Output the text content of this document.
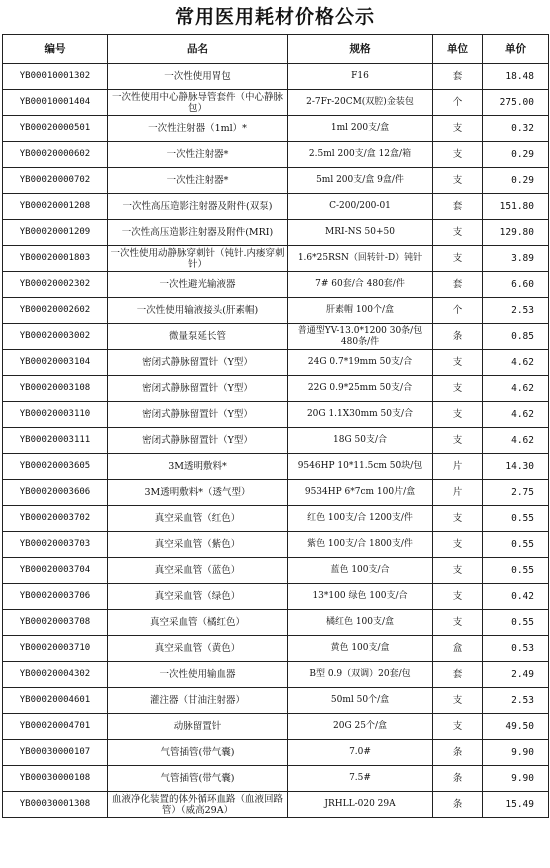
常用医用耗材价格公示
编号	品名	规格	单位	单价
YB00010001302	一次性使用胃包	F16	套	18.48
YB00010001404	一次性使用中心静脉导管套件（中心静脉包）	2-7Fr-20CM(双腔)金装包	个	275.00
YB00020000501	一次性注射器（1ml）*	1ml 200支/盒	支	0.32
YB00020000602	一次性注射器*	2.5ml 200支/盒 12盒/箱	支	0.29
YB00020000702	一次性注射器*	5ml 200支/盒 9盒/件	支	0.29
YB00020001208	一次性高压造影注射器及附件(双泵)	C-200/200-01	套	151.80
YB00020001209	一次性高压造影注射器及附件(MRI)	MRI-NS 50+50	支	129.80
YB00020001803	一次性使用动静脉穿刺针（钝针.内瘘穿刺针）	1.6*25RSN（回转针-D）钝针	支	3.89
YB00020002302	一次性避光输液器	7# 60套/合 480套/件	套	6.60
YB00020002602	一次性使用输液接头(肝素帽)	肝素帽 100个/盒	个	2.53
YB00020003002	微量泵延长管	普通型YV-13.0*1200 30条/包 480条/件	条	0.85
YB00020003104	密闭式静脉留置针（Y型）	24G 0.7*19mm 50支/合	支	4.62
YB00020003108	密闭式静脉留置针（Y型）	22G 0.9*25mm 50支/合	支	4.62
YB00020003110	密闭式静脉留置针（Y型）	20G 1.1X30mm 50支/合	支	4.62
YB00020003111	密闭式静脉留置针（Y型）	18G 50支/合	支	4.62
YB00020003605	3M透明敷料*	9546HP 10*11.5cm 50块/包	片	14.30
YB00020003606	3M透明敷料*（透气型）	9534HP 6*7cm 100片/盒	片	2.75
YB00020003702	真空采血管（红色）	红色 100支/合 1200支/件	支	0.55
YB00020003703	真空采血管（紫色）	紫色 100支/合 1800支/件	支	0.55
YB00020003704	真空采血管（蓝色）	蓝色 100支/合	支	0.55
YB00020003706	真空采血管（绿色）	13*100 绿色 100支/合	支	0.42
YB00020003708	真空采血管（橘红色）	橘红色 100支/盒	支	0.55
YB00020003710	真空采血管（黄色）	黄色 100支/盒	盒	0.53
YB00020004302	一次性使用输血器	B型 0.9（双调）20套/包	套	2.49
YB00020004601	灌注器（甘油注射器）	50ml 50个/盒	支	2.53
YB00020004701	动脉留置针	20G 25个/盒	支	49.50
YB00030000107	气管插管(带气囊)	7.0#	条	9.90
YB00030000108	气管插管(带气囊)	7.5#	条	9.90
YB00030001308	血液净化装置的体外循环血路（血液回路管）（威高29A）	JRHLL-020 29A	条	15.49
